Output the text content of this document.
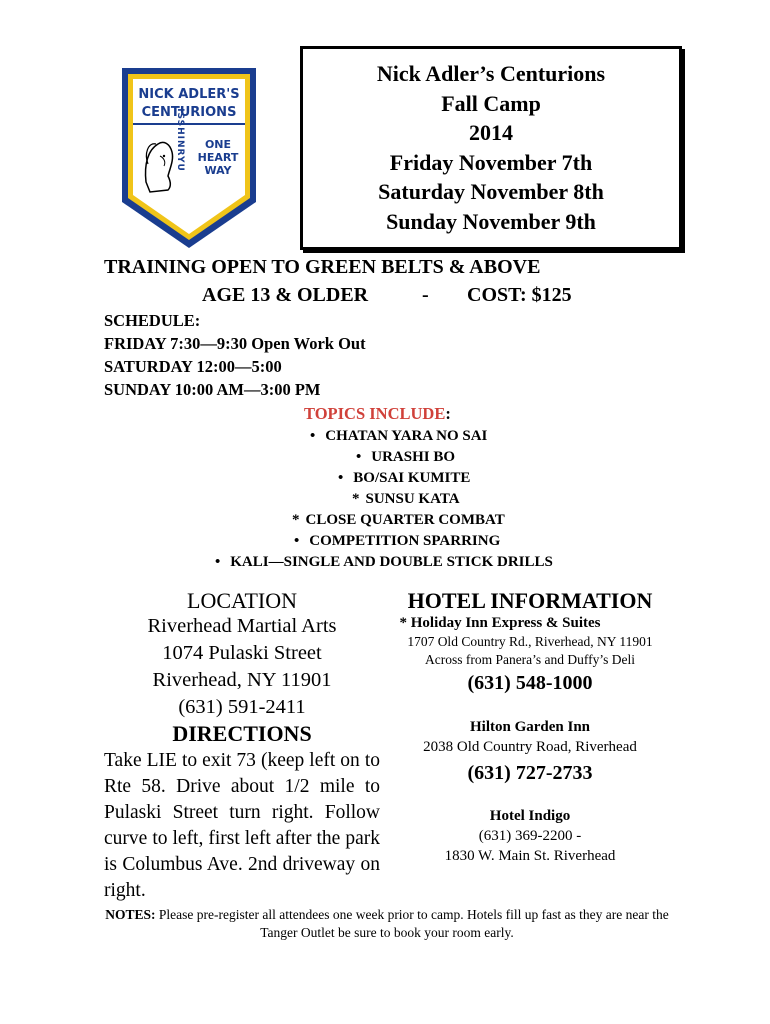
NICK ADLER'S
CENTURIONS
ISSHINRYU ONE
HEART
WAY
Nick Adler’s Centurions
Fall Camp
2014
Friday November 7th
Saturday November 8th
Sunday November 9th
TRAINING OPEN TO GREEN BELTS & ABOVE
AGE 13 & OLDER	- COST: $125
SCHEDULE:
FRIDAY 7:30—9:30 Open Work Out
SATURDAY 12:00—5:00
SUNDAY 10:00 AM—3:00 PM
TOPICS INCLUDE:
• CHATAN YARA NO SAI
• URASHI BO
• BO/SAI KUMITE
* SUNSU KATA
* CLOSE QUARTER COMBAT
• COMPETITION SPARRING
• KALI—SINGLE AND DOUBLE STICK DRILLS
LOCATION
Riverhead Martial Arts
1074 Pulaski Street
Riverhead, NY 11901
(631) 591-2411
DIRECTIONS
Take LIE to exit 73 (keep left on to Rte 58. Drive about 1/2 mile to Pulaski Street turn right. Follow curve to left, first left after the park is Columbus Ave. 2nd driveway on right.
HOTEL INFORMATION
* Holiday Inn Express & Suites
1707 Old Country Rd., Riverhead, NY 11901
Across from Panera’s and Duffy’s Deli
(631) 548-1000
Hilton Garden Inn
2038 Old Country Road, Riverhead
(631) 727-2733
Hotel Indigo
(631) 369-2200 -
1830 W. Main St. Riverhead
NOTES: Please pre-register all attendees one week prior to camp. Hotels fill up fast as they are near the Tanger Outlet be sure to book your room early.
